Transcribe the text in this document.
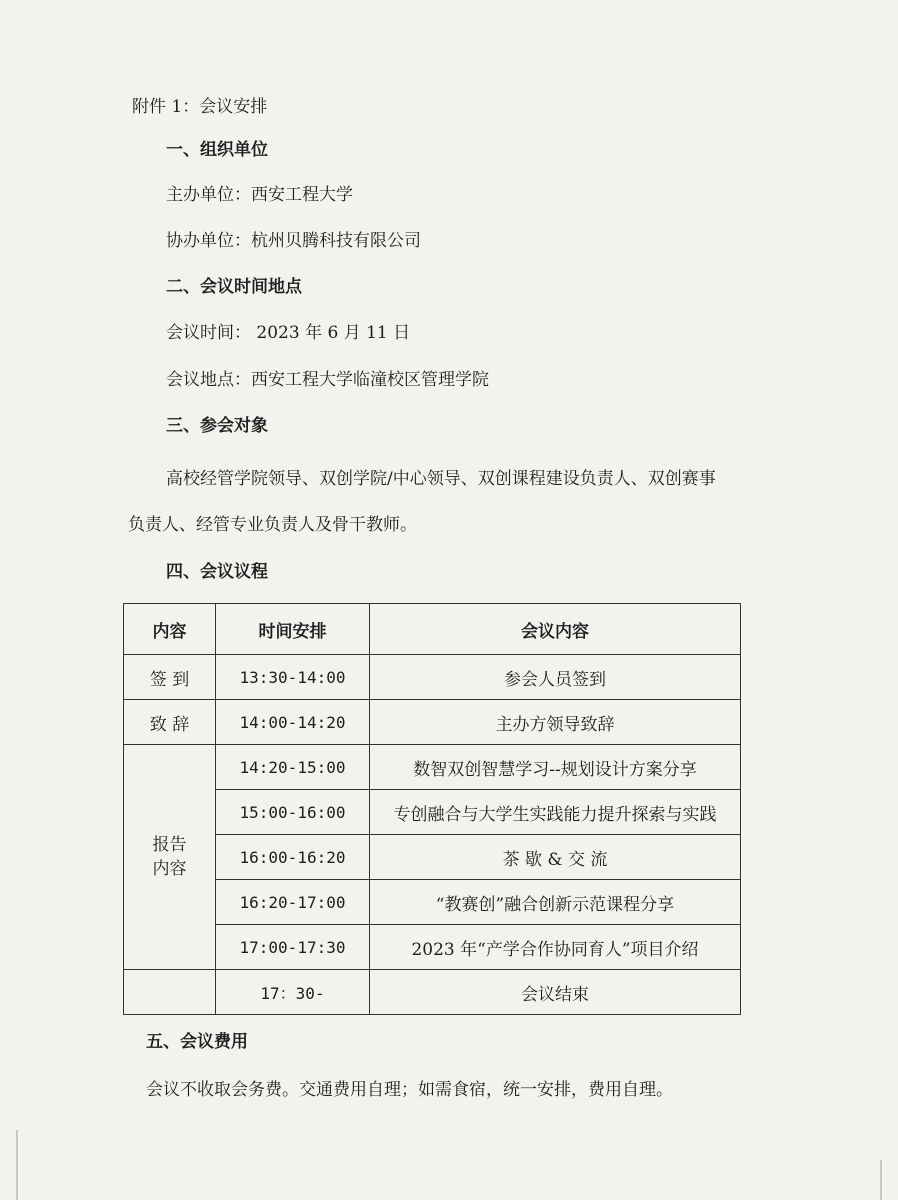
附件 1：会议安排
一、组织单位
主办单位：西安工程大学
协办单位：杭州贝腾科技有限公司
二、会议时间地点
会议时间： 2023 年 6 月 11 日
会议地点：西安工程大学临潼校区管理学院
三、参会对象
高校经管学院领导、双创学院/中心领导、双创课程建设负责人、双创赛事
负责人、经管专业负责人及骨干教师。
四、会议议程
内容	时间安排	会议内容
签 到	13:30-14:00	参会人员签到
致 辞	14:00-14:20	主办方领导致辞

报告
内容	14:20-15:00	数智双创智慧学习--规划设计方案分享
	15:00-16:00	专创融合与大学生实践能力提升探索与实践
	16:00-16:20	茶 歇 & 交 流
	16:20-17:00	“教赛创”融合创新示范课程分享
	17:00-17:30	2023 年“产学合作协同育人”项目介绍
	17：30-	会议结束
五、会议费用
会议不收取会务费。交通费用自理；如需食宿，统一安排，费用自理。
